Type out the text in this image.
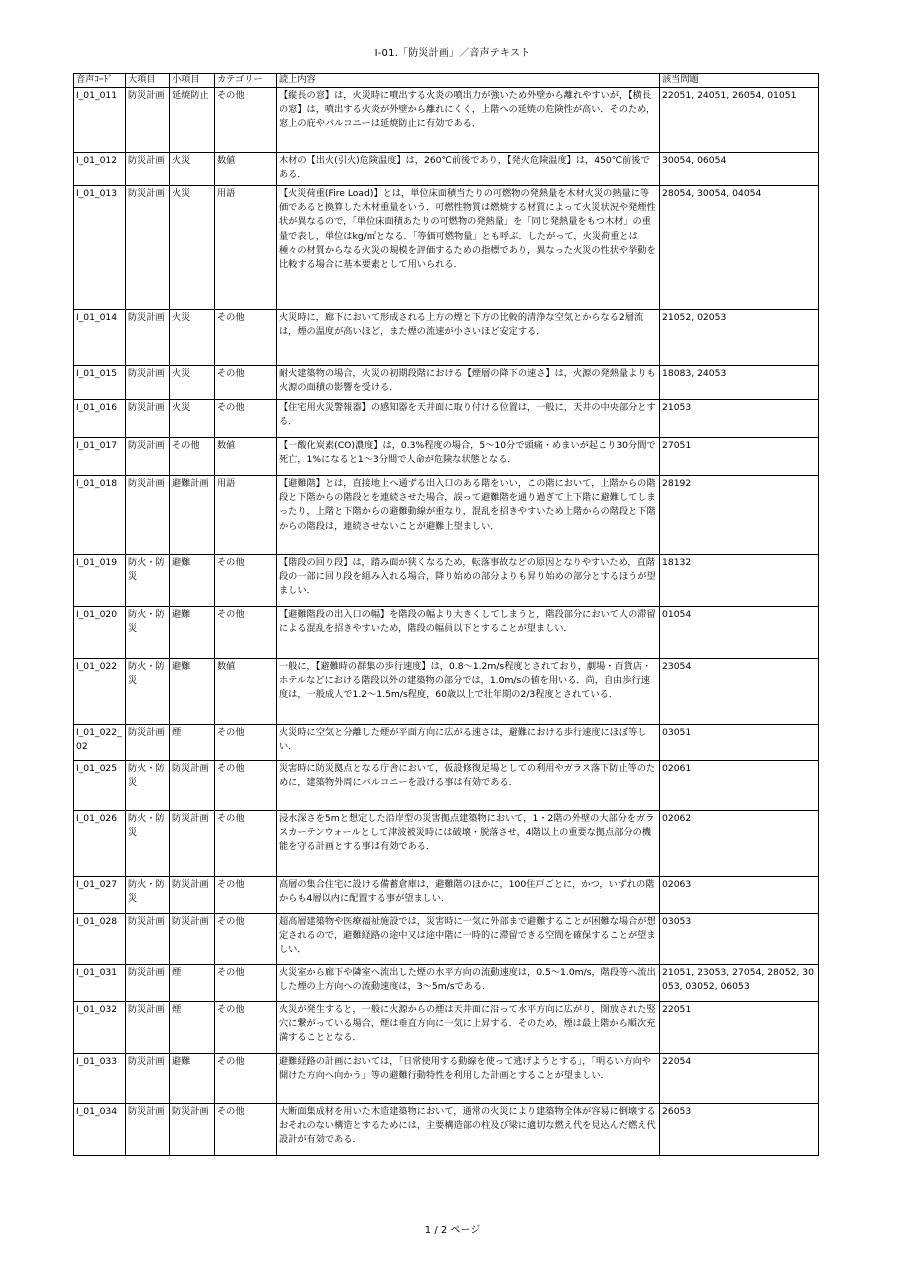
I-01.「防災計画」／音声テキスト
音声ｺｰﾄﾞ	大項目	小項目	カテゴリー	読上内容	該当問題
I_01_011	防災計画	延焼防止	その他	【縦長の窓】は，火災時に噴出する火炎の噴出力が強いため外壁から離れやすいが，【横長の窓】は，噴出する火炎が外壁から離れにくく，上階への延焼の危険性が高い．そのため，窓上の庇やバルコニーは延焼防止に有効である．	22051, 24051, 26054, 01051
I_01_012	防災計画	火災	数値	木材の【出火(引火)危険温度】は，260℃前後であり，【発火危険温度】は，450℃前後である．	30054, 06054
I_01_013	防災計画	火災	用語	【火災荷重(Fire Load)】とは，単位床面積当たりの可燃物の発熱量を木材火災の熱量に等価であると換算した木材重量をいう．可燃性物質は燃焼する材質によって火災状況や発煙性状が異なるので，「単位床面積あたりの可燃物の発熱量」を「同じ発熱量をもつ木材」の重量で表し，単位はkg/㎡となる．「等価可燃物量」とも呼ぶ．したがって，火災荷重とは種々の材質からなる火災の規模を評価するための指標であり，異なった火災の性状や挙動を比較する場合に基本要素として用いられる．	28054, 30054, 04054
I_01_014	防災計画	火災	その他	火災時に，廊下において形成される上方の煙と下方の比較的清浄な空気とからなる2層流は，煙の温度が高いほど，また煙の流速が小さいほど安定する．	21052, 02053
I_01_015	防災計画	火災	その他	耐火建築物の場合，火災の初期段階における【煙層の降下の速さ】は，火源の発熱量よりも火源の面積の影響を受ける．	18083, 24053
I_01_016	防災計画	火災	その他	【住宅用火災警報器】の感知器を天井面に取り付ける位置は，一般に，天井の中央部分とする．	21053
I_01_017	防災計画	その他	数値	【一酸化炭素(CO)濃度】は，0.3%程度の場合，5～10分で頭痛・めまいが起こり30分間で死亡，1%になると1～3分間で人命が危険な状態となる．	27051
I_01_018	防災計画	避難計画	用語	【避難階】とは，直接地上へ通ずる出入口のある階をいい，この階において，上階からの階段と下階からの階段とを連続させた場合，誤って避難階を通り過ぎて上下階に避難してしまったり，上階と下階からの避難動線が重なり，混乱を招きやすいため上階からの階段と下階からの階段は，連続させないことが避難上望ましい．	28192
I_01_019	防火・防災	避難	その他	【階段の回り段】は，踏み面が狭くなるため，転落事故などの原因となりやすいため，直階段の一部に回り段を組み入れる場合，降り始めの部分よりも昇り始めの部分とするほうが望ましい．	18132
I_01_020	防火・防災	避難	その他	【避難階段の出入口の幅】を階段の幅より大きくしてしまうと，階段部分において人の滞留による混乱を招きやすいため，階段の幅員以下とすることが望ましい．	01054
I_01_022	防火・防災	避難	数値	一般に，【避難時の群集の歩行速度】は，0.8～1.2m/s程度とされており，劇場・百貨店・ホテルなどにおける階段以外の建築物の部分では，1.0m/sの値を用いる．尚，自由歩行速度は，一般成人で1.2～1.5m/s程度，60歳以上で壮年期の2/3程度とされている．	23054
I_01_022_02	防災計画	煙	その他	火災時に空気と分離した煙が平面方向に広がる速さは，避難における歩行速度にほぼ等しい．	03051
I_01_025	防火・防災	防災計画	その他	災害時に防災拠点となる庁舎において，仮設修復足場としての利用やガラス落下防止等のために，建築物外周にバルコニーを設ける事は有効である．	02061
I_01_026	防火・防災	防災計画	その他	浸水深さを5mと想定した沿岸型の災害拠点建築物において，1・2階の外壁の大部分をガラスカーテンウォールとして津波被災時には破壊・脱落させ，4階以上の重要な拠点部分の機能を守る計画とする事は有効である．	02062
I_01_027	防火・防災	防災計画	その他	高層の集合住宅に設ける備蓄倉庫は，避難階のほかに，100住戸ごとに，かつ，いずれの階からも4層以内に配置する事が望ましい．	02063
I_01_028	防災計画	防災計画	その他	超高層建築物や医療福祉施設では，災害時に一気に外部まで避難することが困難な場合が想定されるので，避難経路の途中又は途中階に一時的に滞留できる空間を確保することが望ましい．	03053
I_01_031	防災計画	煙	その他	火災室から廊下や隣室へ流出した煙の水平方向の流動速度は，0.5～1.0m/s，階段等へ流出した煙の上方向への流動速度は，3～5m/sである．	21051, 23053, 27054, 28052, 30053, 03052, 06053
I_01_032	防災計画	煙	その他	火災が発生すると，一般に火源からの煙は天井面に沿って水平方向に広がり，開放された竪穴に繋がっている場合，煙は垂直方向に一気に上昇する．そのため，煙は最上階から順次充満することとなる．	22051
I_01_033	防災計画	避難	その他	避難経路の計画においては，「日常使用する動線を使って逃げようとする」，「明るい方向や開けた方向へ向かう」等の避難行動特性を利用した計画とすることが望ましい．	22054
I_01_034	防災計画	防災計画	その他	大断面集成材を用いた木造建築物において，通常の火災により建築物全体が容易に倒壊するおそれのない構造とするためには，主要構造部の柱及び梁に適切な燃え代を見込んだ燃え代設計が有効である．	26053
1 / 2 ページ
